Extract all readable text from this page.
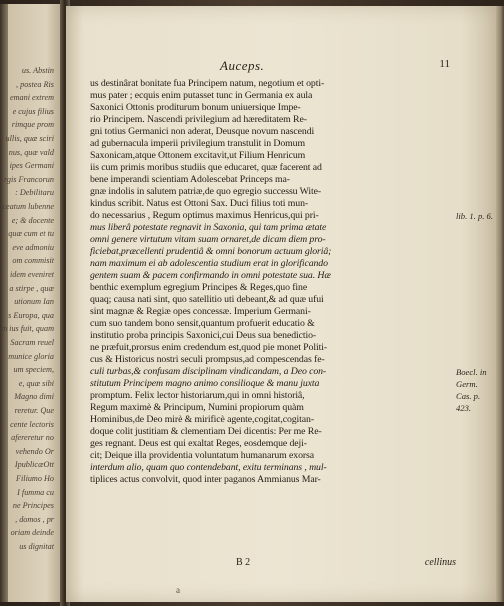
us. Abstin
, postea Ris
emani extrem
e cujus filius
rimque prom
ullis, quæ sciri
nus, quæ vald
ipes Germani
rgis Francorun
: Debilitaru
ceatum lubenne
e; & docente
quæ cum et tu
eve admoniu
om commisit
idem eveniret
a stirpe , quæ
utionum Ian
s Europa, qua
m ius fuit, quam
Sacram reuel
munice gloria
um speciem,
e, quæ sibi
Magno dimi
reretur. Que
cente lectoris
afereretur no
vehendo Or
IpublicæOtt
Filiumo Ho
I fumma cu
ne Principes
, domos , pr
oriam deinde
us dignitat
Auceps.	11
us destinârat bonitate fua Principem natum, negotium et opti-
mus pater ; ecquis enim putasset tunc in Germania ex aula
Saxonici Ottonis proditurum bonum uniuersique Impe-
rio Principem. Nascendi privilegium ad hæreditatem Re-
gni totius Germanici non aderat, Deusque novum nascendi
ad gubernacula imperii privilegium transtulit in Domum
Saxonicam,atque Ottonem excitavit,ut Filium Henricum
iis cum primis moribus studiis que educaret, quæ facerent ad
bene imperandi scientiam Adolescebat Princeps ma-
gnæ indolis in salutem patriæ,de quo egregio successu Wite-
kindus scribit. Natus est Ottoni Sax. Duci filius toti mun-
do necessarius , Regum optimus maximus Henricus,qui pri-
mus liberâ potestate regnavit in Saxonia, qui tam prima ætate
omni genere virtutum vitam suam ornaret,de dicam diem pro-
ficiebat,præcellenti prudentiâ & omni bonorum actuum gloriâ;
nam maximum ei ab adolescentia studium erat in glorificando
gentem suam & pacem confirmando in omni potestate sua. Hæ
benthic exemplum egregium Principes & Reges,quo fine
quaq; causa nati sint, quo satellitio uti debeant,& ad quæ ufui
sint magnæ & Regiæ opes concessæ. Imperium Germani-
cum suo tandem bono sensit,quantum profuerit educatio &
institutio proba principis Saxonici,cui Deus sua benedictio-
ne præfuit,prorsus enim credendum est,quod pie monet Politi-
cus & Historicus nostri seculi prompsus,ad compescendas fe-
culi turbas,& confusam disciplinam vindicandam, a Deo con-
stitutum Principem magno animo consilioque & manu juxta
promptum. Felix lector historiarum,qui in omni historiâ,
Regum maximè & Principum, Numini propiorum quàm
Hominibus,de Deo mirè & mirificè agente,cogitat,cogitan-
doque colit justitiam & clementiam Dei dicentis: Per me Re-
ges regnant. Deus est qui exaltat Reges, eosdemque deji-
cit; Deique illa providentia voluntatum humanarum exorsa
interdum alio, quam quo contendebant, exitu terminans , mul-
tiplices actus convolvit, quod inter paganos Ammianus Mar-
lib. 1. p. 6.
Boecl. in
Germ.
Cas. p.
423.
B 2	cellinus
a
